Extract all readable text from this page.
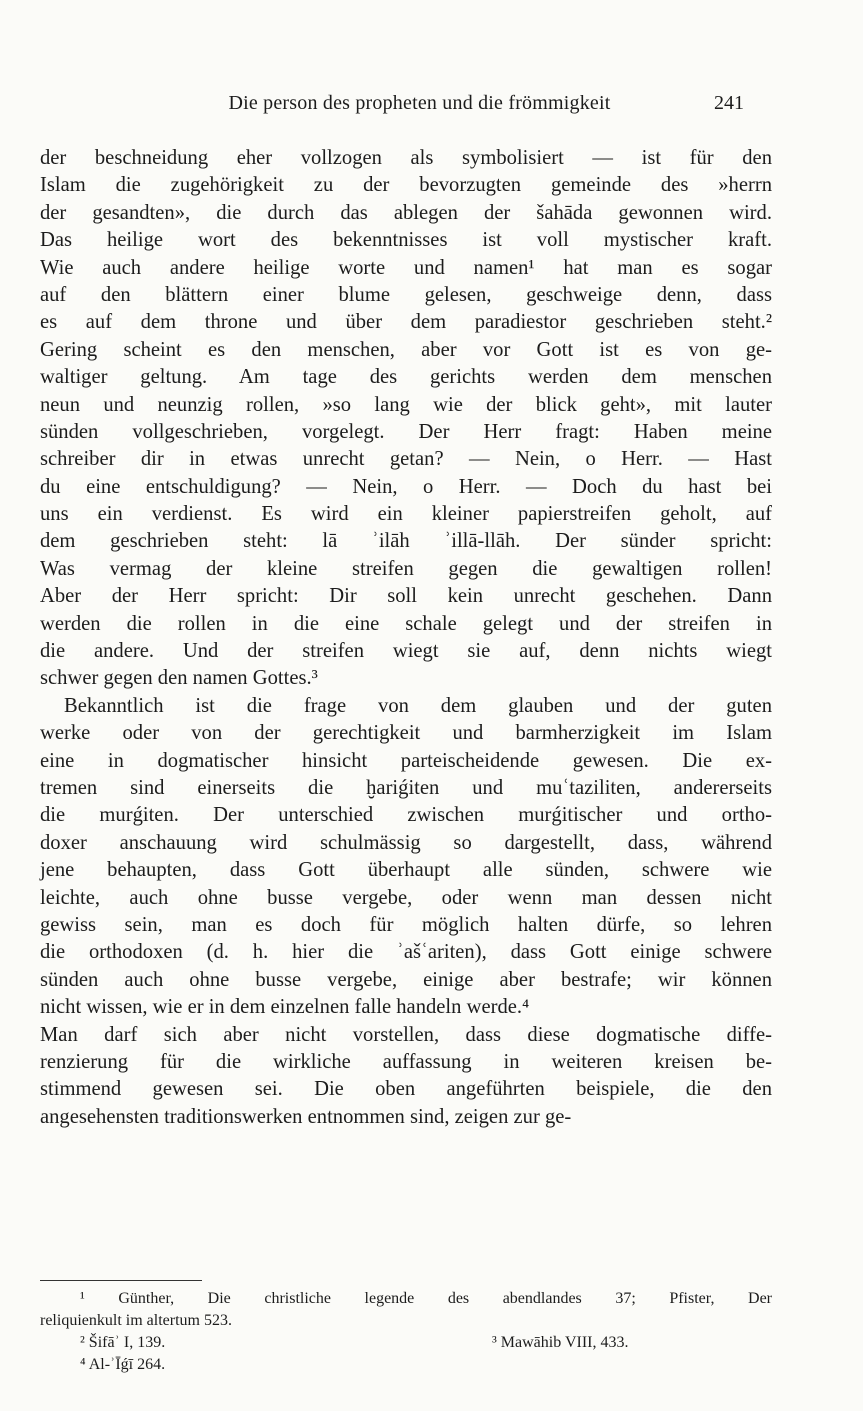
Die person des propheten und die frömmigkeit	241
der beschneidung eher vollzogen als symbolisiert — ist für den
Islam die zugehörigkeit zu der bevorzugten gemeinde des »herrn
der gesandten», die durch das ablegen der šahāda gewonnen wird.
Das heilige wort des bekenntnisses ist voll mystischer kraft.
Wie auch andere heilige worte und namen¹ hat man es sogar
auf den blättern einer blume gelesen, geschweige denn, dass
es auf dem throne und über dem paradiestor geschrieben steht.²
Gering scheint es den menschen, aber vor Gott ist es von ge-
waltiger geltung. Am tage des gerichts werden dem menschen
neun und neunzig rollen, »so lang wie der blick geht», mit lauter
sünden vollgeschrieben, vorgelegt. Der Herr fragt: Haben meine
schreiber dir in etwas unrecht getan? — Nein, o Herr. — Hast
du eine entschuldigung? — Nein, o Herr. — Doch du hast bei
uns ein verdienst. Es wird ein kleiner papierstreifen geholt, auf
dem geschrieben steht: lā ʾilāh ʾillā-llāh. Der sünder spricht:
Was vermag der kleine streifen gegen die gewaltigen rollen!
Aber der Herr spricht: Dir soll kein unrecht geschehen. Dann
werden die rollen in die eine schale gelegt und der streifen in
die andere. Und der streifen wiegt sie auf, denn nichts wiegt
schwer gegen den namen Gottes.³
Bekanntlich ist die frage von dem glauben und der guten
werke oder von der gerechtigkeit und barmherzigkeit im Islam
eine in dogmatischer hinsicht parteischeidende gewesen. Die ex-
tremen sind einerseits die ḫariǵiten und muʿtaziliten, andererseits
die murǵiten. Der unterschied zwischen murǵitischer und ortho-
doxer anschauung wird schulmässig so dargestellt, dass, während
jene behaupten, dass Gott überhaupt alle sünden, schwere wie
leichte, auch ohne busse vergebe, oder wenn man dessen nicht
gewiss sein, man es doch für möglich halten dürfe, so lehren
die orthodoxen (d. h. hier die ʾašʿariten), dass Gott einige schwere
sünden auch ohne busse vergebe, einige aber bestrafe; wir können
nicht wissen, wie er in dem einzelnen falle handeln werde.⁴
Man darf sich aber nicht vorstellen, dass diese dogmatische diffe-
renzierung für die wirkliche auffassung in weiteren kreisen be-
stimmend gewesen sei. Die oben angeführten beispiele, die den
angesehensten traditionswerken entnommen sind, zeigen zur ge-
¹ Günther, Die christliche legende des abendlandes 37; Pfister, Der
reliquienkult im altertum 523.
² Šifāʾ I, 139.	³ Mawāhib VIII, 433.
⁴ Al-ʾĪǵī 264.
